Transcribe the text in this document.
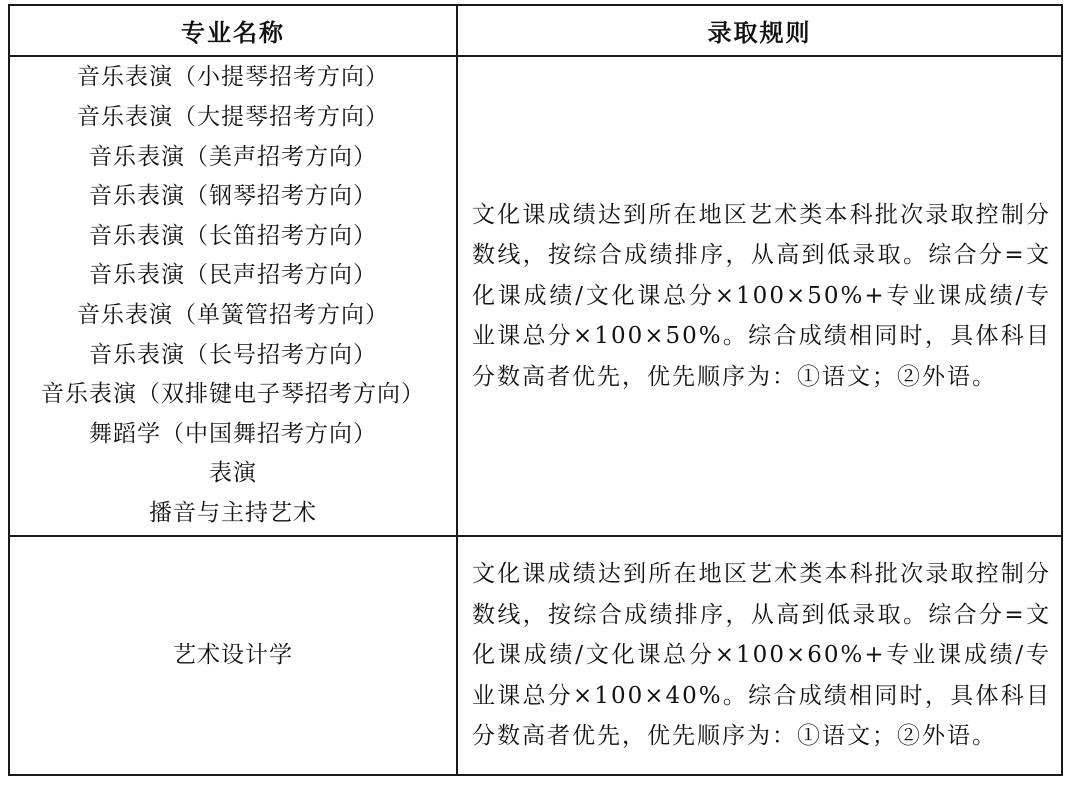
专业名称	录取规则
音乐表演（小提琴招考方向）
音乐表演（大提琴招考方向）
音乐表演（美声招考方向）
音乐表演（钢琴招考方向）
音乐表演（长笛招考方向）
音乐表演（民声招考方向）
音乐表演（单簧管招考方向）
音乐表演（长号招考方向）
音乐表演（双排键电子琴招考方向）
舞蹈学（中国舞招考方向）
表演
播音与主持艺术
文化课成绩达到所在地区艺术类本科批次录取控制分数线，按综合成绩排序，从高到低录取。综合分=文化课成绩/文化课总分×100×50%+专业课成绩/专业课总分×100×50%。综合成绩相同时，具体科目分数高者优先，优先顺序为：①语文；②外语。
艺术设计学
文化课成绩达到所在地区艺术类本科批次录取控制分数线，按综合成绩排序，从高到低录取。综合分=文化课成绩/文化课总分×100×60%+专业课成绩/专业课总分×100×40%。综合成绩相同时，具体科目分数高者优先，优先顺序为：①语文；②外语。
